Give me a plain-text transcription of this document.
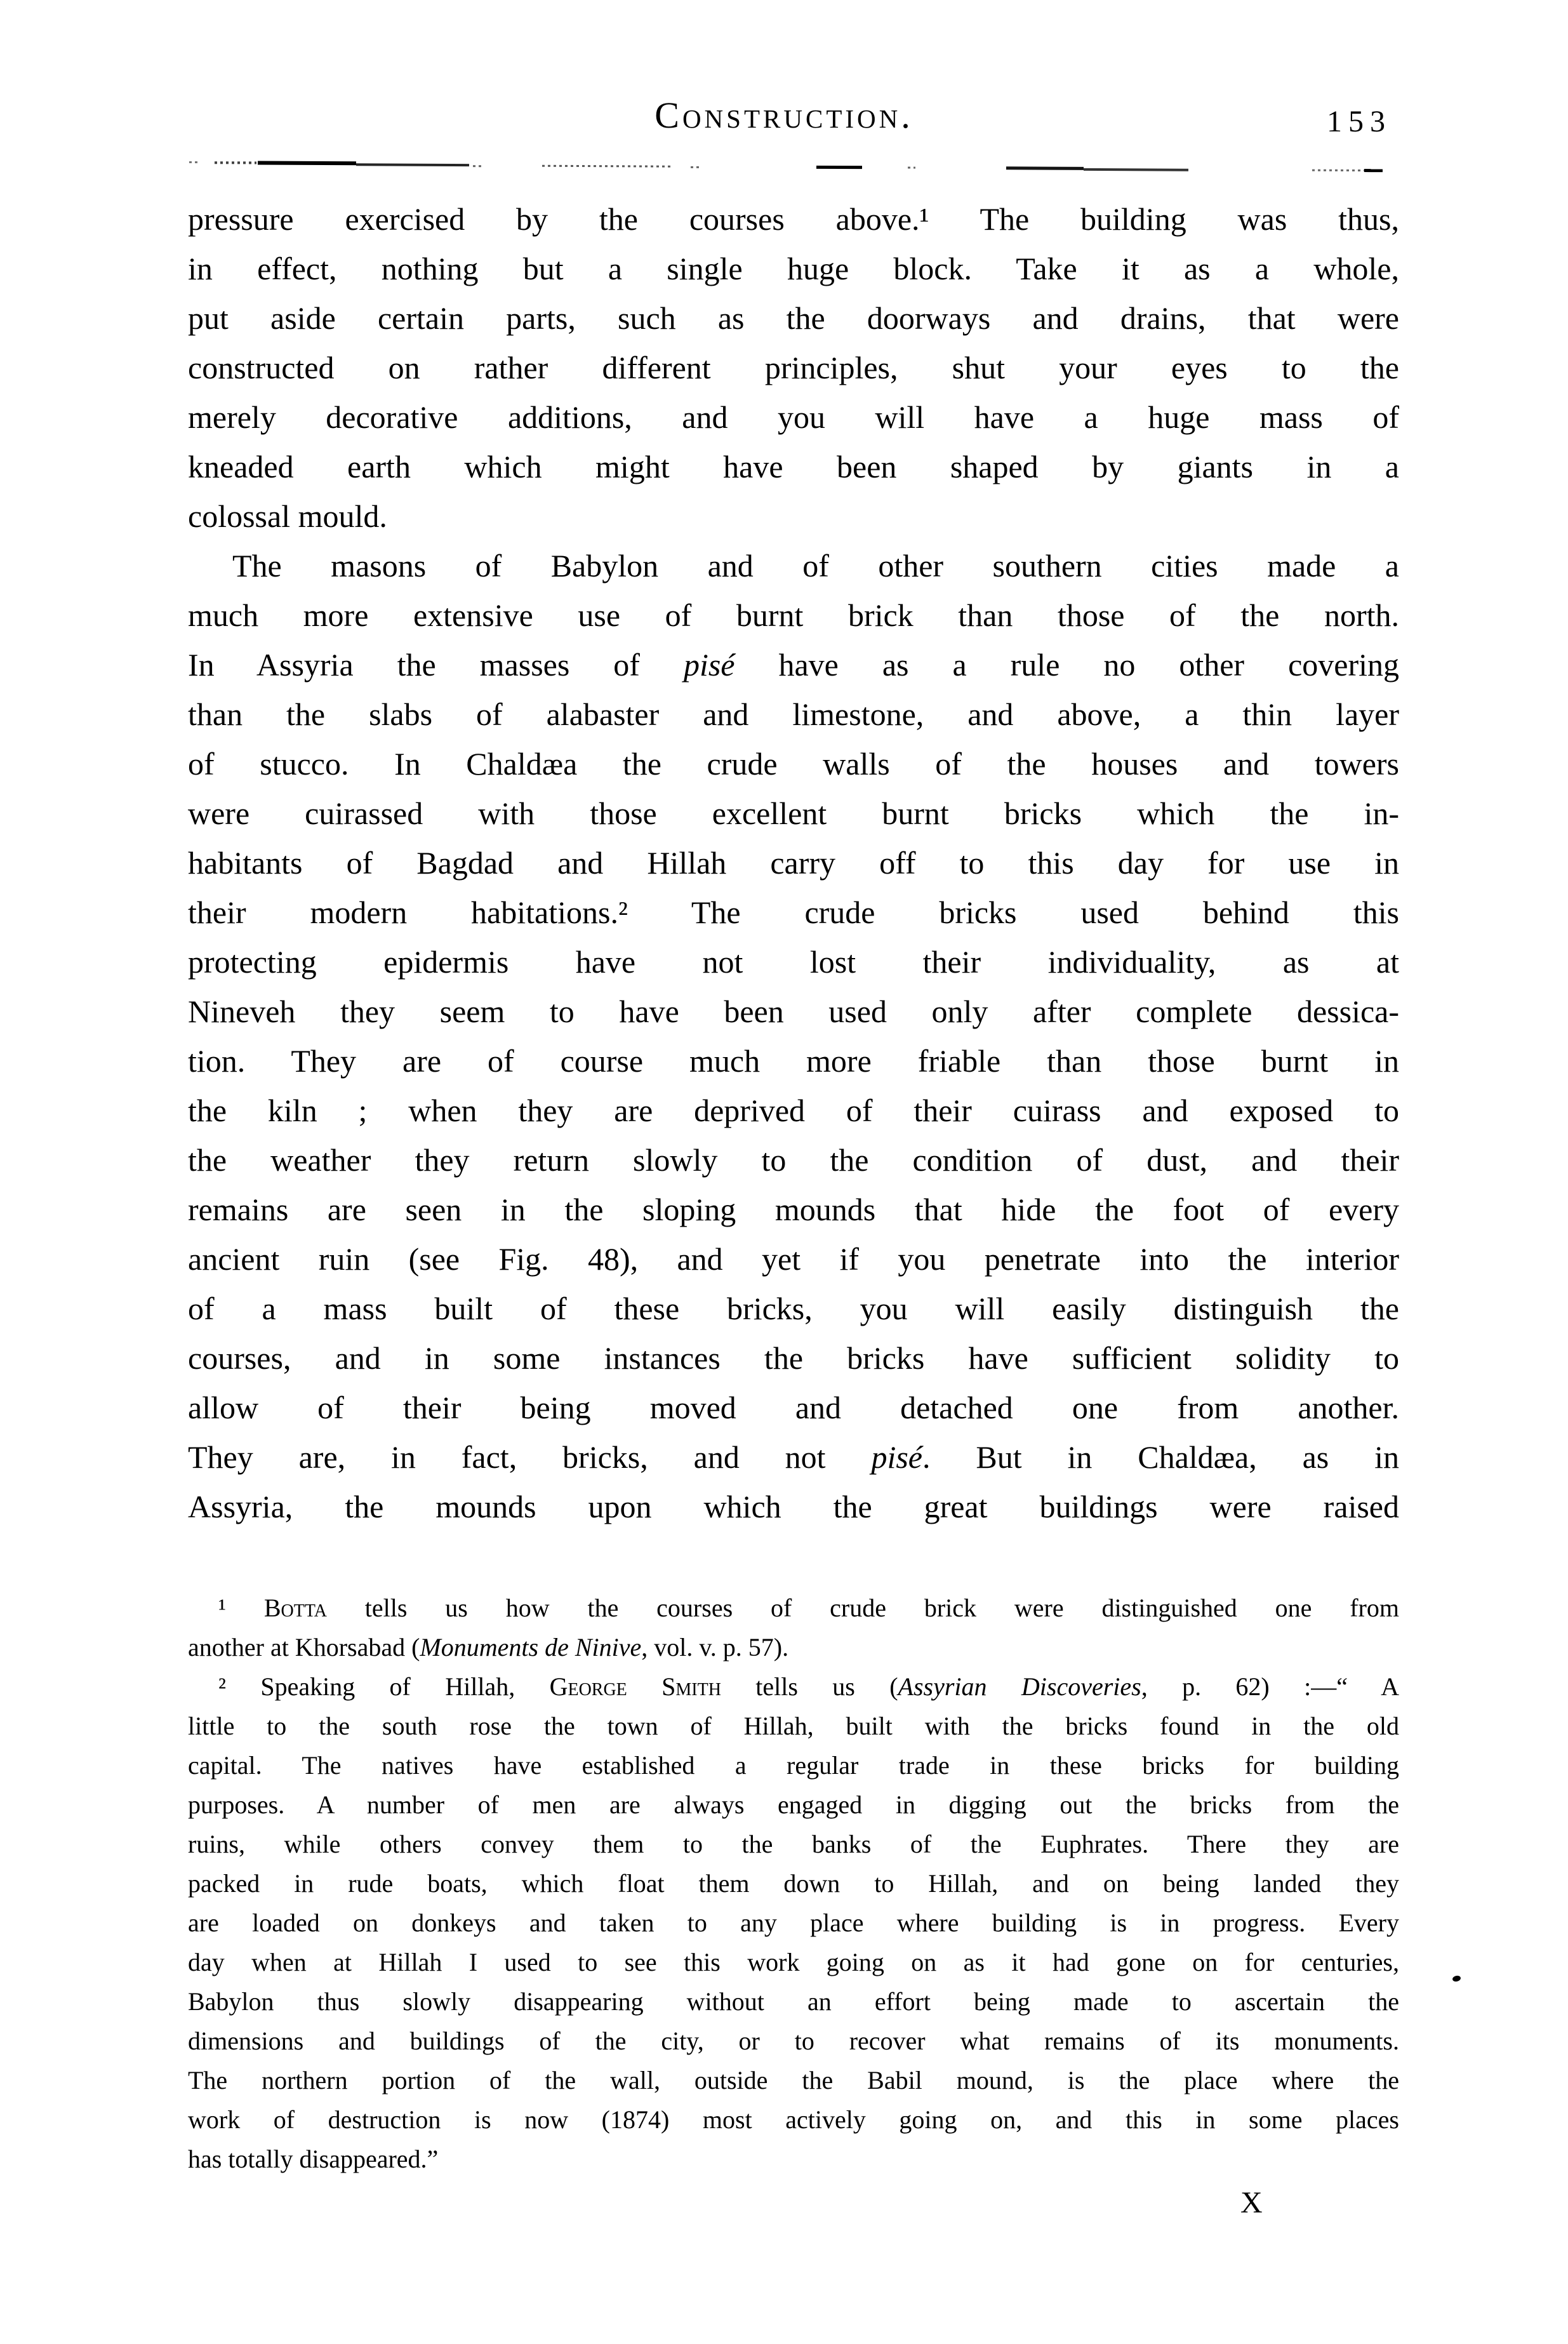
Construction.	153
pressure exercised by the courses above.¹ The building was thus,
in effect, nothing but a single huge block. Take it as a whole,
put aside certain parts, such as the doorways and drains, that were
constructed on rather different principles, shut your eyes to the
merely decorative additions, and you will have a huge mass of
kneaded earth which might have been shaped by giants in a
colossal mould.
The masons of Babylon and of other southern cities made a
much more extensive use of burnt brick than those of the north.
In Assyria the masses of pisé have as a rule no other covering
than the slabs of alabaster and limestone, and above, a thin layer
of stucco. In Chaldæa the crude walls of the houses and towers
were cuirassed with those excellent burnt bricks which the in-
habitants of Bagdad and Hillah carry off to this day for use in
their modern habitations.² The crude bricks used behind this
protecting epidermis have not lost their individuality, as at
Nineveh they seem to have been used only after complete dessica-
tion. They are of course much more friable than those burnt in
the kiln ; when they are deprived of their cuirass and exposed to
the weather they return slowly to the condition of dust, and their
remains are seen in the sloping mounds that hide the foot of every
ancient ruin (see Fig. 48), and yet if you penetrate into the interior
of a mass built of these bricks, you will easily distinguish the
courses, and in some instances the bricks have sufficient solidity to
allow of their being moved and detached one from another.
They are, in fact, bricks, and not pisé. But in Chaldæa, as in
Assyria, the mounds upon which the great buildings were raised
¹ Botta tells us how the courses of crude brick were distinguished one from
another at Khorsabad (Monuments de Ninive, vol. v. p. 57).
² Speaking of Hillah, George Smith tells us (Assyrian Discoveries, p. 62) :—“ A
little to the south rose the town of Hillah, built with the bricks found in the old
capital. The natives have established a regular trade in these bricks for building
purposes. A number of men are always engaged in digging out the bricks from the
ruins, while others convey them to the banks of the Euphrates. There they are
packed in rude boats, which float them down to Hillah, and on being landed they
are loaded on donkeys and taken to any place where building is in progress. Every
day when at Hillah I used to see this work going on as it had gone on for centuries,
Babylon thus slowly disappearing without an effort being made to ascertain the
dimensions and buildings of the city, or to recover what remains of its monuments.
The northern portion of the wall, outside the Babil mound, is the place where the
work of destruction is now (1874) most actively going on, and this in some places
has totally disappeared.”
X
